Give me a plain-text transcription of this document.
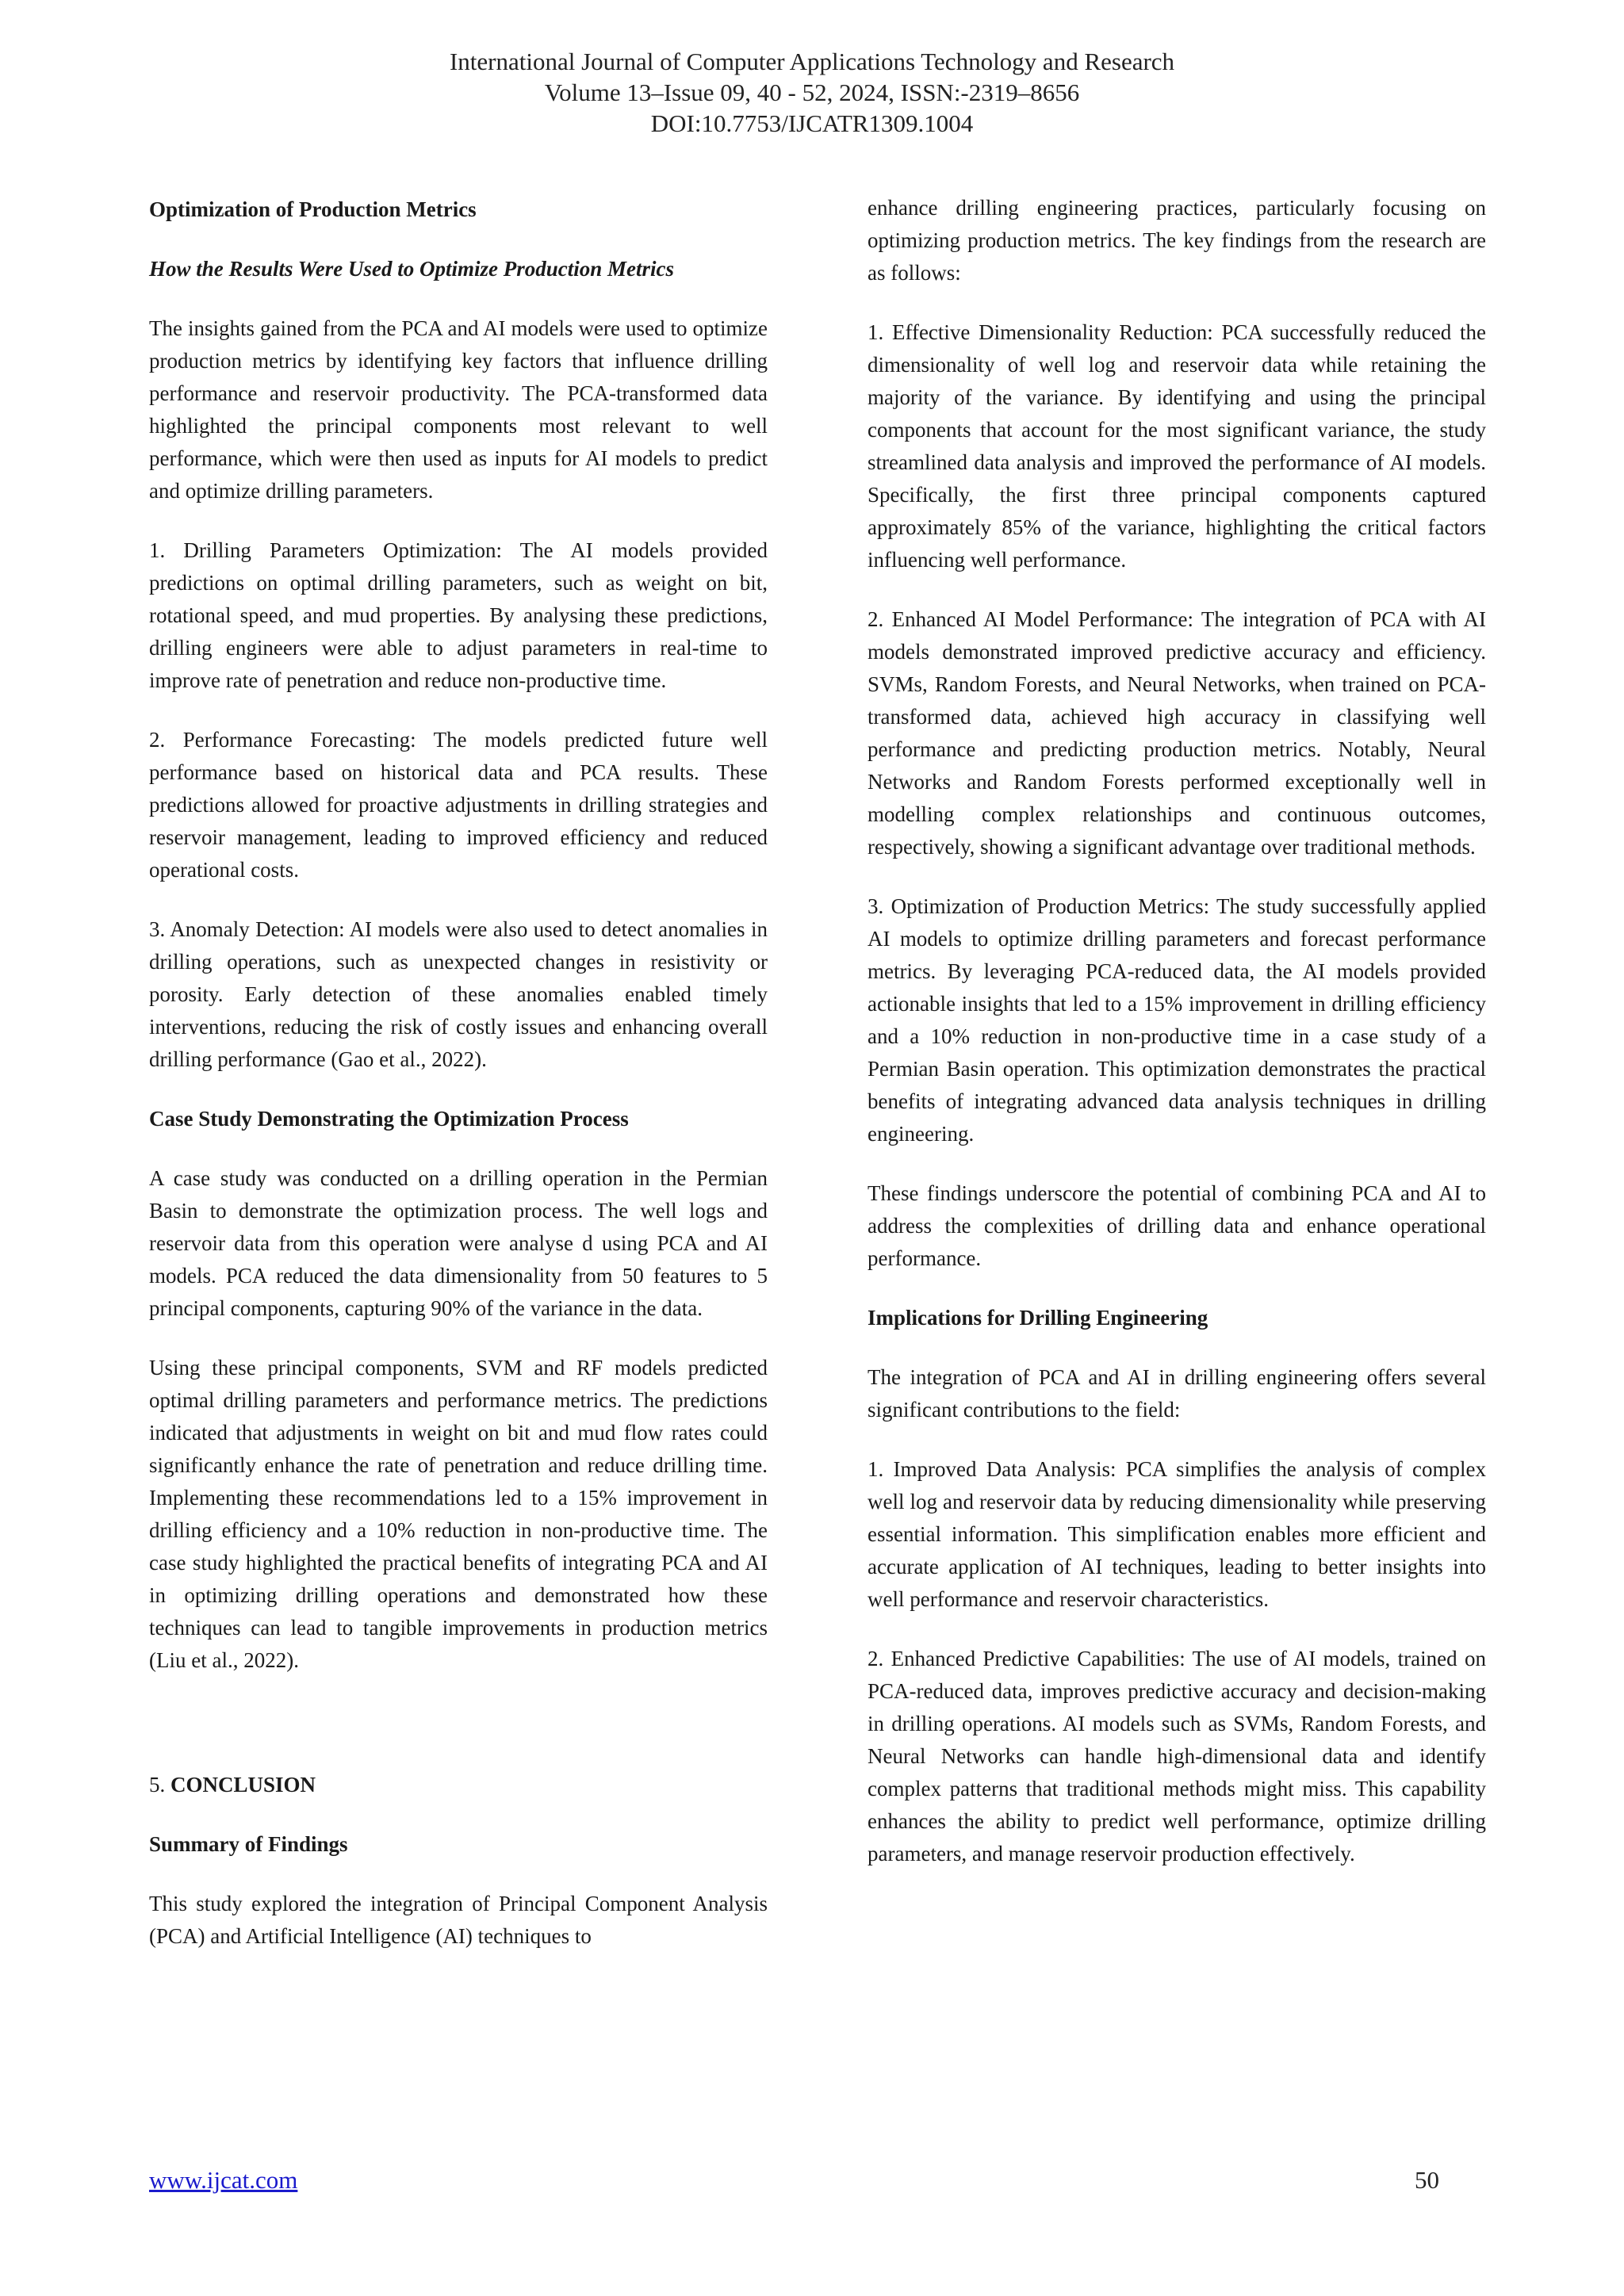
International Journal of Computer Applications Technology and Research
Volume 13–Issue 09, 40 - 52, 2024, ISSN:-2319–8656
DOI:10.7753/IJCATR1309.1004

Optimization of Production Metrics

How the Results Were Used to Optimize Production Metrics

The insights gained from the PCA and AI models were used to optimize production metrics by identifying key factors that influence drilling performance and reservoir productivity. The PCA-transformed data highlighted the principal components most relevant to well performance, which were then used as inputs for AI models to predict and optimize drilling parameters.

1. Drilling Parameters Optimization: The AI models provided predictions on optimal drilling parameters, such as weight on bit, rotational speed, and mud properties. By analysing these predictions, drilling engineers were able to adjust parameters in real-time to improve rate of penetration and reduce non-productive time.

2. Performance Forecasting: The models predicted future well performance based on historical data and PCA results. These predictions allowed for proactive adjustments in drilling strategies and reservoir management, leading to improved efficiency and reduced operational costs.

3. Anomaly Detection: AI models were also used to detect anomalies in drilling operations, such as unexpected changes in resistivity or porosity. Early detection of these anomalies enabled timely interventions, reducing the risk of costly issues and enhancing overall drilling performance (Gao et al., 2022).

Case Study Demonstrating the Optimization Process

A case study was conducted on a drilling operation in the Permian Basin to demonstrate the optimization process. The well logs and reservoir data from this operation were analyse d using PCA and AI models. PCA reduced the data dimensionality from 50 features to 5 principal components, capturing 90% of the variance in the data.

Using these principal components, SVM and RF models predicted optimal drilling parameters and performance metrics. The predictions indicated that adjustments in weight on bit and mud flow rates could significantly enhance the rate of penetration and reduce drilling time. Implementing these recommendations led to a 15% improvement in drilling efficiency and a 10% reduction in non-productive time. The case study highlighted the practical benefits of integrating PCA and AI in optimizing drilling operations and demonstrated how these techniques can lead to tangible improvements in production metrics (Liu et al., 2022).

5. CONCLUSION

Summary of Findings

This study explored the integration of Principal Component Analysis (PCA) and Artificial Intelligence (AI) techniques to

enhance drilling engineering practices, particularly focusing on optimizing production metrics. The key findings from the research are as follows:

1. Effective Dimensionality Reduction: PCA successfully reduced the dimensionality of well log and reservoir data while retaining the majority of the variance. By identifying and using the principal components that account for the most significant variance, the study streamlined data analysis and improved the performance of AI models. Specifically, the first three principal components captured approximately 85% of the variance, highlighting the critical factors influencing well performance.

2. Enhanced AI Model Performance: The integration of PCA with AI models demonstrated improved predictive accuracy and efficiency. SVMs, Random Forests, and Neural Networks, when trained on PCA-transformed data, achieved high accuracy in classifying well performance and predicting production metrics. Notably, Neural Networks and Random Forests performed exceptionally well in modelling complex relationships and continuous outcomes, respectively, showing a significant advantage over traditional methods.

3. Optimization of Production Metrics: The study successfully applied AI models to optimize drilling parameters and forecast performance metrics. By leveraging PCA-reduced data, the AI models provided actionable insights that led to a 15% improvement in drilling efficiency and a 10% reduction in non-productive time in a case study of a Permian Basin operation. This optimization demonstrates the practical benefits of integrating advanced data analysis techniques in drilling engineering.

These findings underscore the potential of combining PCA and AI to address the complexities of drilling data and enhance operational performance.

Implications for Drilling Engineering

The integration of PCA and AI in drilling engineering offers several significant contributions to the field:

1. Improved Data Analysis: PCA simplifies the analysis of complex well log and reservoir data by reducing dimensionality while preserving essential information. This simplification enables more efficient and accurate application of AI techniques, leading to better insights into well performance and reservoir characteristics.

2. Enhanced Predictive Capabilities: The use of AI models, trained on PCA-reduced data, improves predictive accuracy and decision-making in drilling operations. AI models such as SVMs, Random Forests, and Neural Networks can handle high-dimensional data and identify complex patterns that traditional methods might miss. This capability enhances the ability to predict well performance, optimize drilling parameters, and manage reservoir production effectively.

www.ijcat.com	50
